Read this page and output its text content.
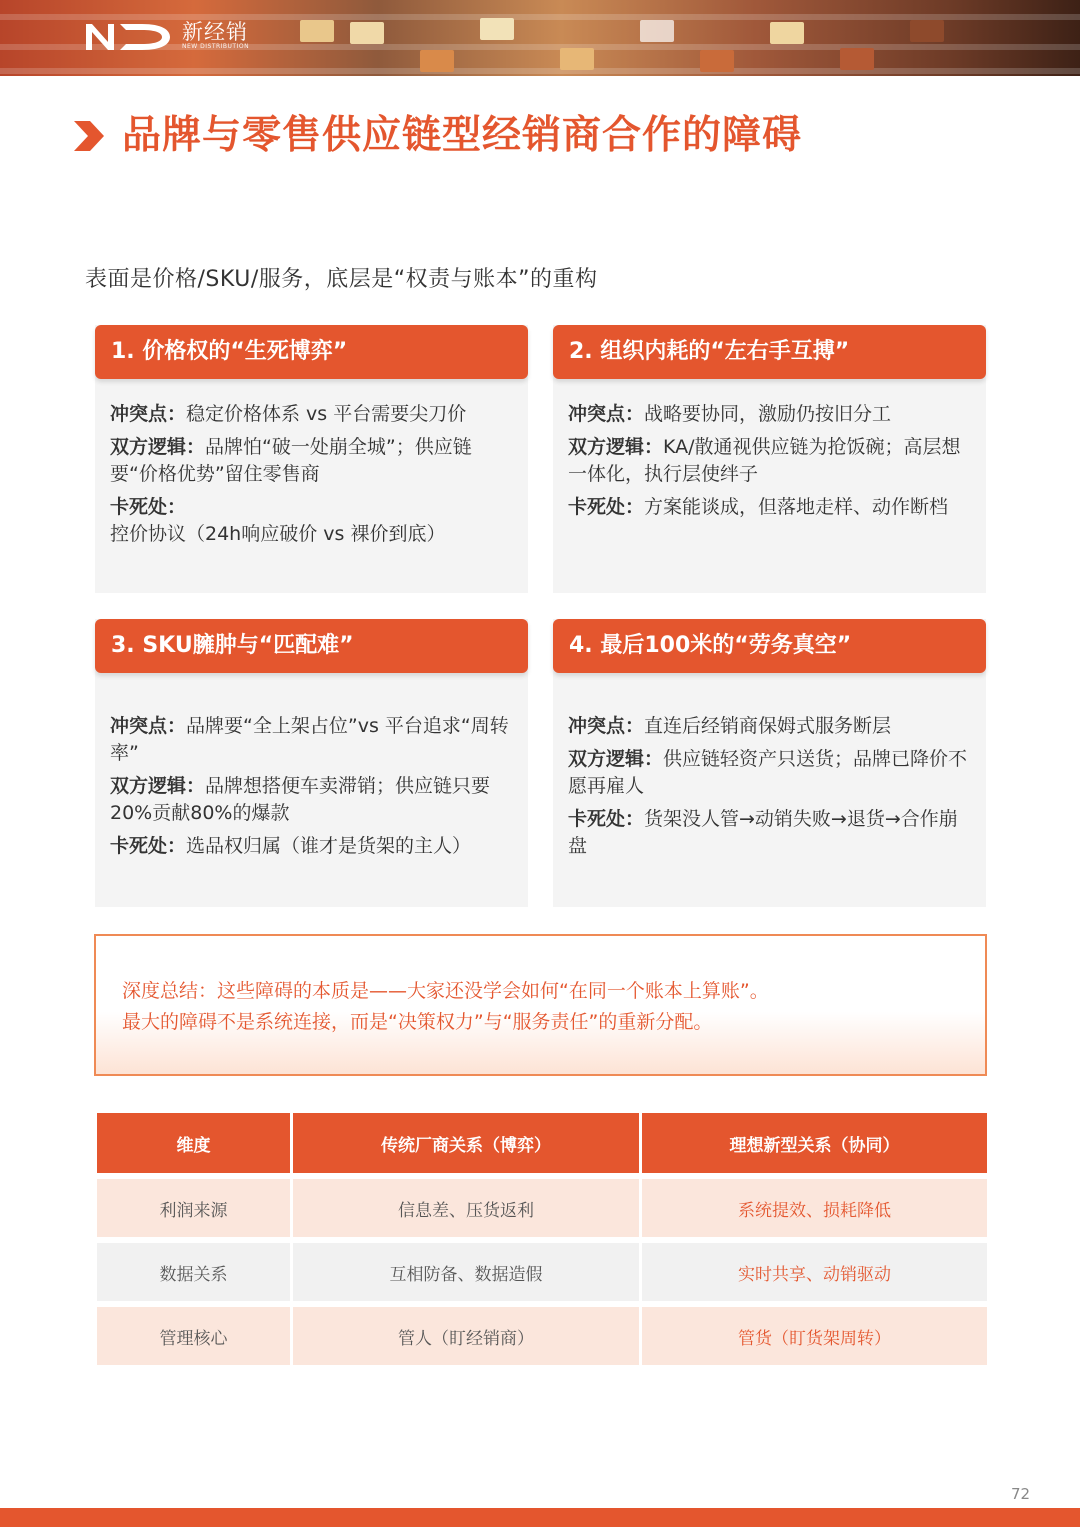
新经销
NEW DISTRIBUTION
品牌与零售供应链型经销商合作的障碍
表面是价格/SKU/服务，底层是“权责与账本”的重构
1. 价格权的“生死博弈”
冲突点：稳定价格体系 vs 平台需要尖刀价
双方逻辑：品牌怕“破一处崩全城”；供应链要“价格优势”留住零售商
卡死处：控价协议（24h响应破价 vs 裸价到底）
2. 组织内耗的“左右手互搏”
冲突点：战略要协同，激励仍按旧分工
双方逻辑：KA/散通视供应链为抢饭碗；高层想一体化，执行层使绊子
卡死处：方案能谈成，但落地走样、动作断档
3. SKU臃肿与“匹配难”
冲突点：品牌要“全上架占位”vs 平台追求“周转率”
双方逻辑：品牌想搭便车卖滞销；供应链只要20%贡献80%的爆款
卡死处：选品权归属（谁才是货架的主人）
4. 最后100米的“劳务真空”
冲突点：直连后经销商保姆式服务断层
双方逻辑：供应链轻资产只送货；品牌已降价不愿再雇人
卡死处：货架没人管→动销失败→退货→合作崩盘
深度总结：这些障碍的本质是——大家还没学会如何“在同一个账本上算账”。
最大的障碍不是系统连接，而是“决策权力”与“服务责任”的重新分配。
维度	传统厂商关系（博弈）	理想新型关系（协同）
利润来源	信息差、压货返利	系统提效、损耗降低
数据关系	互相防备、数据造假	实时共享、动销驱动
管理核心	管人（盯经销商）	管货（盯货架周转）
72
